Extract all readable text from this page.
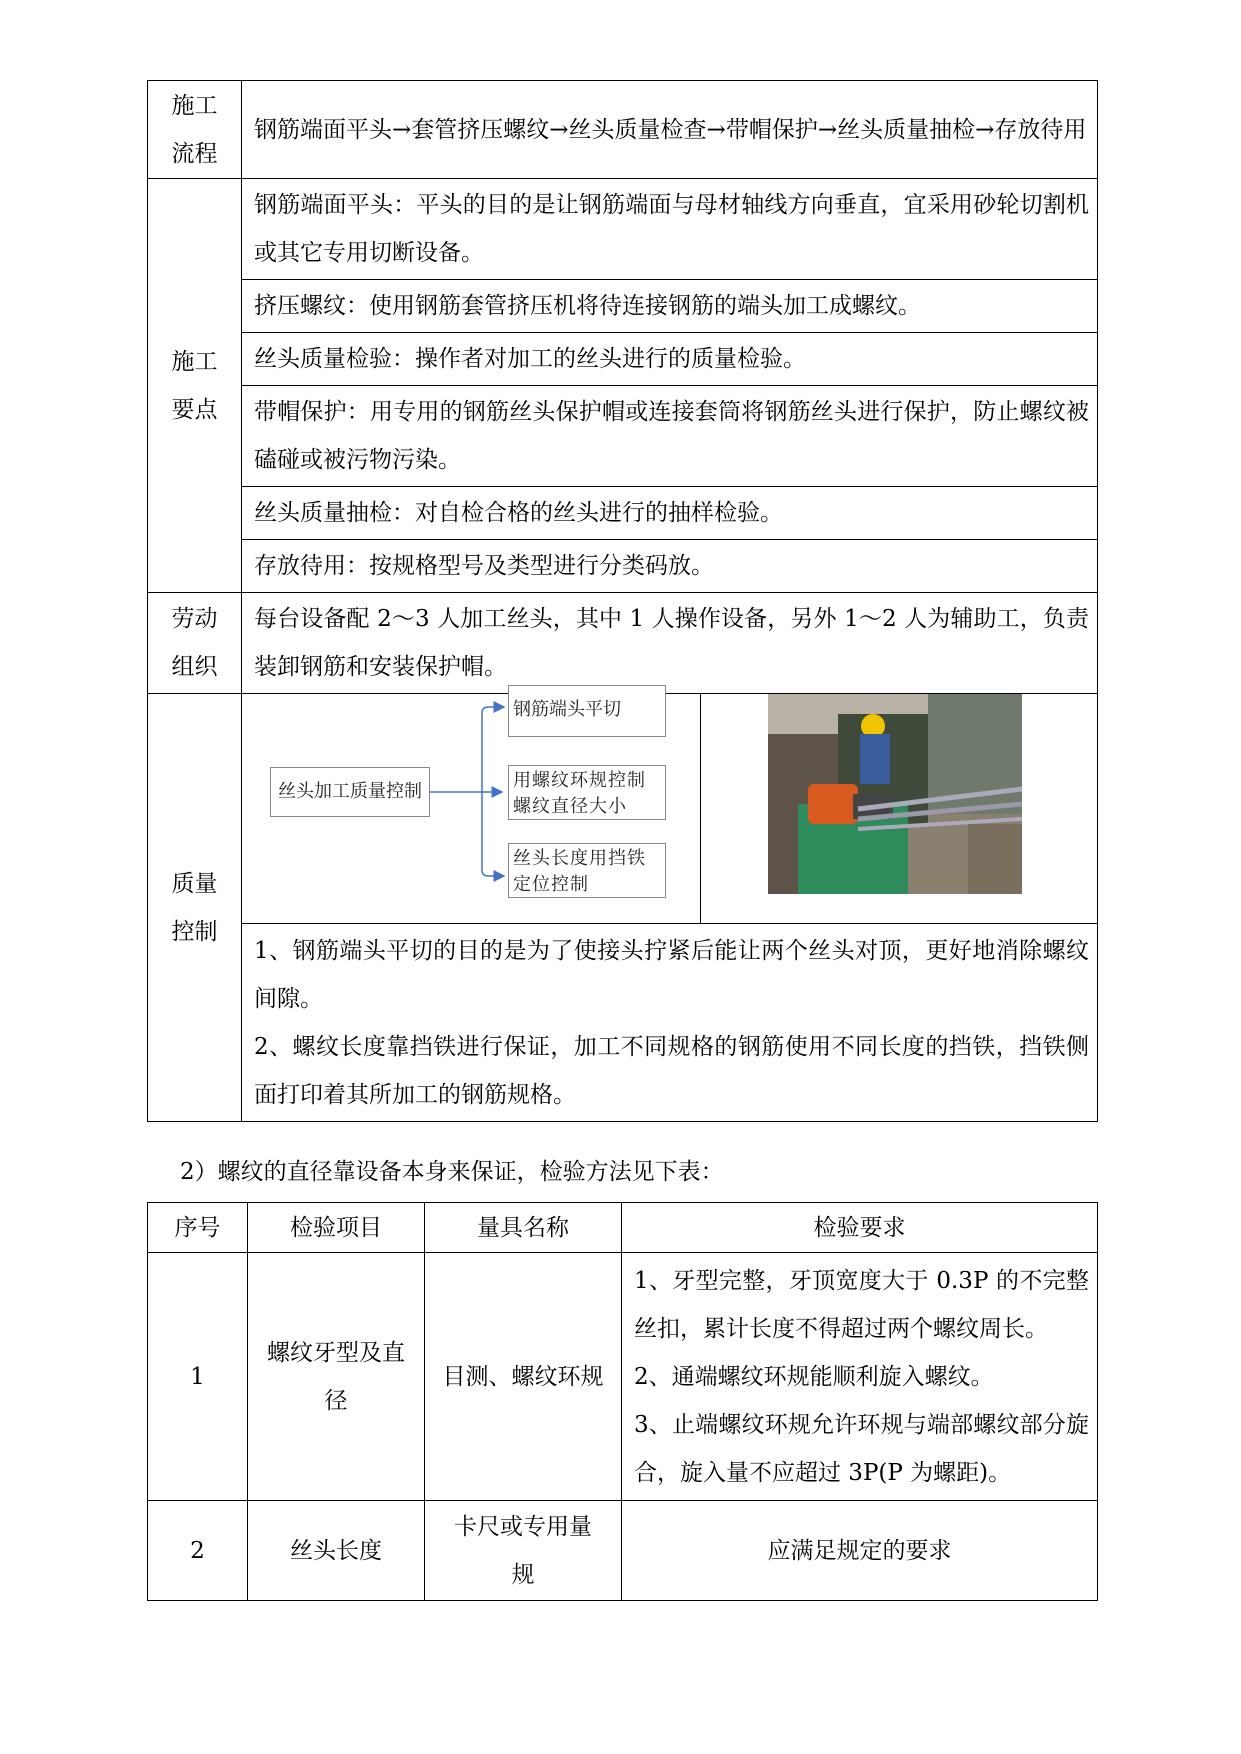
施工
流程	钢筋端面平头→套管挤压螺纹→丝头质量检查→带帽保护→丝头质量抽检→存放待用	

施工
要点	钢筋端面平头：平头的目的是让钢筋端面与母材轴线方向垂直，宜采用砂轮切割机或其它专用切断设备。	
	挤压螺纹：使用钢筋套管挤压机将待连接钢筋的端头加工成螺纹。	
	丝头质量检验：操作者对加工的丝头进行的质量检验。	
	带帽保护：用专用的钢筋丝头保护帽或连接套筒将钢筋丝头进行保护，防止螺纹被磕碰或被污物污染。	
	丝头质量抽检：对自检合格的丝头进行的抽样检验。	
	存放待用：按规格型号及类型进行分类码放。	

劳动
组织	每台设备配 2～3 人加工丝头，其中 1 人操作设备，另外 1～2 人为辅助工，负责装卸钢筋和安装保护帽。	

质量
控制		

	1、钢筋端头平切的目的是为了使接头拧紧后能让两个丝头对顶，更好地消除螺纹间隙。
2、螺纹长度靠挡铁进行保证，加工不同规格的钢筋使用不同长度的挡铁，挡铁侧面打印着其所加工的钢筋规格。	
丝头加工质量控制
钢筋端头平切
用螺纹环规控制螺纹直径大小
丝头长度用挡铁定位控制
2）螺纹的直径靠设备本身来保证，检验方法见下表：
序号	检验项目	量具名称	检验要求
1	螺纹牙型及直径	目测、螺纹环规	1、牙型完整，牙顶宽度大于 0.3P 的不完整丝扣，累计长度不得超过两个螺纹周长。
2、通端螺纹环规能顺利旋入螺纹。
3、止端螺纹环规允许环规与端部螺纹部分旋合，旋入量不应超过 3P(P 为螺距)。

2	丝头长度	卡尺或专用量规	应满足规定的要求
